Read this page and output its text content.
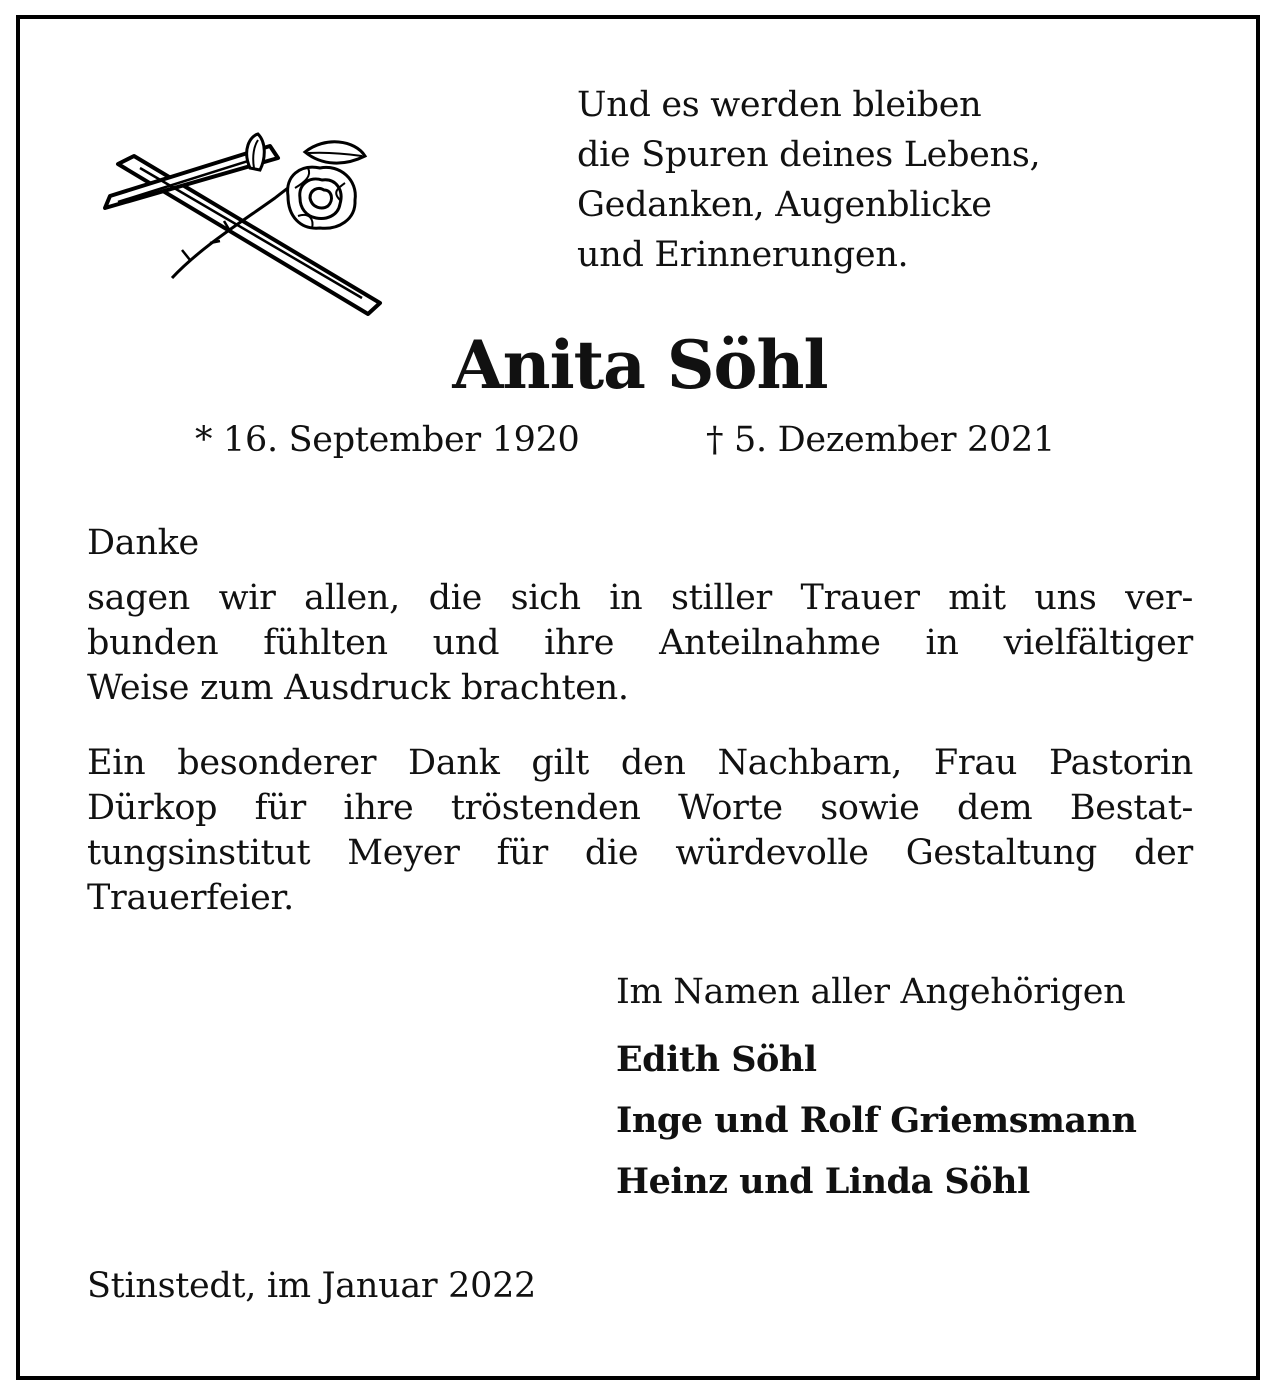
Und es werden bleiben
die Spuren deines Lebens,
Gedanken, Augenblicke
und Erinnerungen.
Anita Söhl
* 16. September 1920	† 5. Dezember 2021
Danke
sagen wir allen, die sich in stiller Trauer mit uns ver-
bunden fühlten und ihre Anteilnahme in vielfältiger
Weise zum Ausdruck brachten.
Ein besonderer Dank gilt den Nachbarn, Frau Pastorin
Dürkop für ihre tröstenden Worte sowie dem Bestat-
tungsinstitut Meyer für die würdevolle Gestaltung der
Trauerfeier.
Im Namen aller Angehörigen
Edith Söhl
Inge und Rolf Griemsmann
Heinz und Linda Söhl
Stinstedt, im Januar 2022
